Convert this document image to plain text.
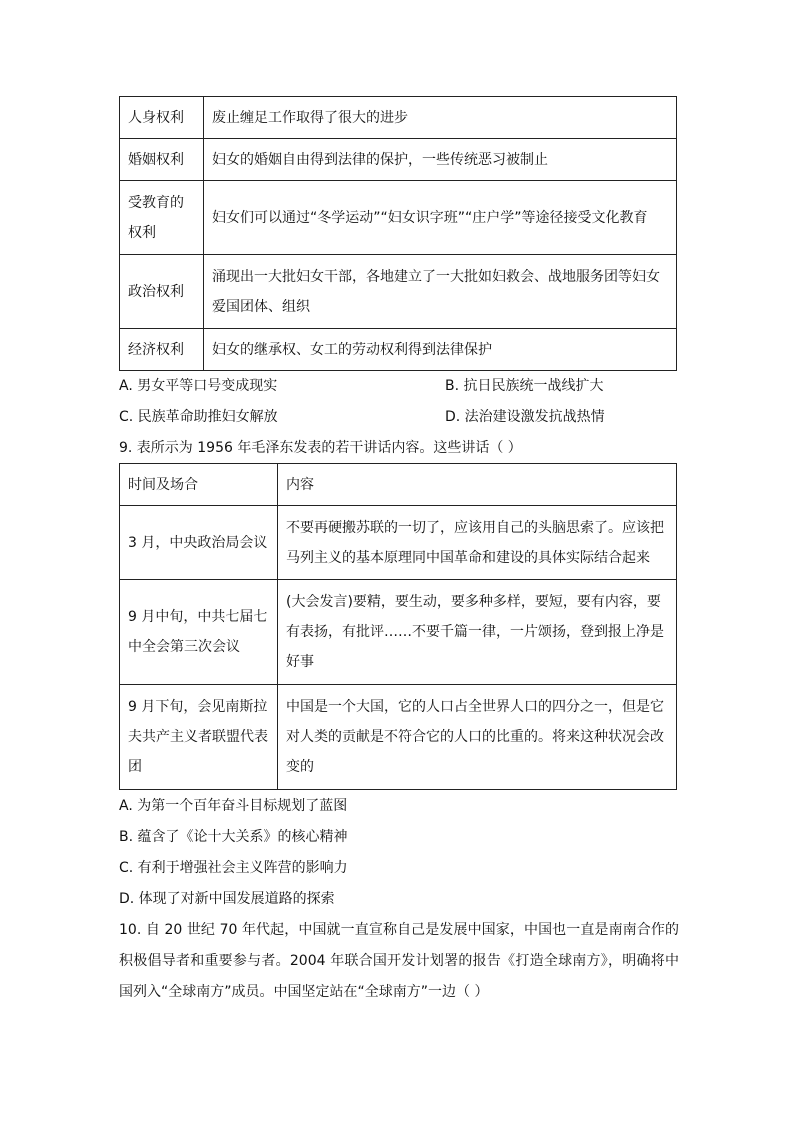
人身权利	废止缠足工作取得了很大的进步
婚姻权利	妇女的婚姻自由得到法律的保护，一些传统恶习被制止
受教育的权利	妇女们可以通过“冬学运动”“妇女识字班”“庄户学”等途径接受文化教育
政治权利	涌现出一大批妇女干部，各地建立了一大批如妇救会、战地服务团等妇女爱国团体、组织
经济权利	妇女的继承权、女工的劳动权利得到法律保护
A. 男女平等口号变成现实	B. 抗日民族统一战线扩大
C. 民族革命助推妇女解放	D. 法治建设激发抗战热情
9. 表所示为 1956 年毛泽东发表的若干讲话内容。这些讲话（ ）
时间及场合	内容
3 月，中央政治局会议	不要再硬搬苏联的一切了，应该用自己的头脑思索了。应该把马列主义的基本原理同中国革命和建设的具体实际结合起来
9 月中旬，中共七届七中全会第三次会议	(大会发言)要精，要生动，要多种多样，要短，要有内容，要有表扬，有批评……不要千篇一律，一片颂扬，登到报上净是好事
9 月下旬，会见南斯拉夫共产主义者联盟代表团	中国是一个大国，它的人口占全世界人口的四分之一，但是它对人类的贡献是不符合它的人口的比重的。将来这种状况会改变的
A. 为第一个百年奋斗目标规划了蓝图
B. 蕴含了《论十大关系》的核心精神
C. 有利于增强社会主义阵营的影响力
D. 体现了对新中国发展道路的探索
10. 自 20 世纪 70 年代起，中国就一直宣称自己是发展中国家，中国也一直是南南合作的积极倡导者和重要参与者。2004 年联合国开发计划署的报告《打造全球南方》，明确将中国列入“全球南方”成员。中国坚定站在“全球南方”一边（ ）
